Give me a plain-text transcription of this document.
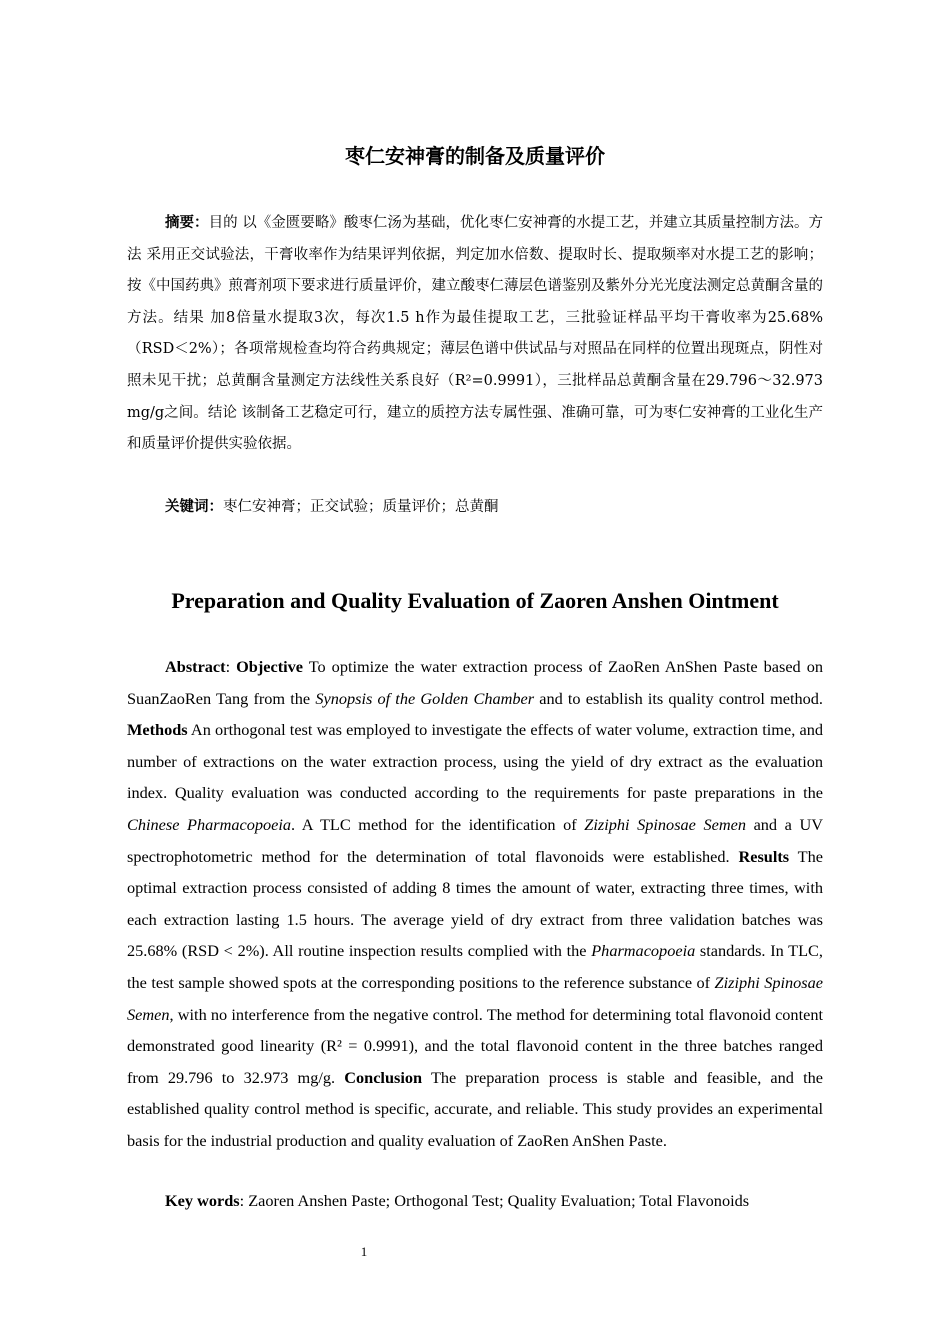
枣仁安神膏的制备及质量评价

摘要：目的 以《金匮要略》酸枣仁汤为基础，优化枣仁安神膏的水提工艺，并建立其质量控制方法。方法 采用正交试验法，干膏收率作为结果评判依据，判定加水倍数、提取时长、提取频率对水提工艺的影响；按《中国药典》煎膏剂项下要求进行质量评价，建立酸枣仁薄层色谱鉴别及紫外分光光度法测定总黄酮含量的方法。结果 加8倍量水提取3次，每次1.5 h作为最佳提取工艺，三批验证样品平均干膏收率为25.68%（RSD＜2%）；各项常规检查均符合药典规定；薄层色谱中供试品与对照品在同样的位置出现斑点，阴性对照未见干扰；总黄酮含量测定方法线性关系良好（R²=0.9991），三批样品总黄酮含量在29.796～32.973 mg/g之间。结论 该制备工艺稳定可行，建立的质控方法专属性强、准确可靠，可为枣仁安神膏的工业化生产和质量评价提供实验依据。

关键词：枣仁安神膏；正交试验；质量评价；总黄酮

Preparation and Quality Evaluation of Zaoren Anshen Ointment

Abstract: Objective To optimize the water extraction process of ZaoRen AnShen Paste based on SuanZaoRen Tang from the Synopsis of the Golden Chamber and to establish its quality control method. Methods An orthogonal test was employed to investigate the effects of water volume, extraction time, and number of extractions on the water extraction process, using the yield of dry extract as the evaluation index. Quality evaluation was conducted according to the requirements for paste preparations in the Chinese Pharmacopoeia. A TLC method for the identification of Ziziphi Spinosae Semen and a UV spectrophotometric method for the determination of total flavonoids were established. Results The optimal extraction process consisted of adding 8 times the amount of water, extracting three times, with each extraction lasting 1.5 hours. The average yield of dry extract from three validation batches was 25.68% (RSD < 2%). All routine inspection results complied with the Pharmacopoeia standards. In TLC, the test sample showed spots at the corresponding positions to the reference substance of Ziziphi Spinosae Semen, with no interference from the negative control. The method for determining total flavonoid content demonstrated good linearity (R² = 0.9991), and the total flavonoid content in the three batches ranged from 29.796 to 32.973 mg/g. Conclusion The preparation process is stable and feasible, and the established quality control method is specific, accurate, and reliable. This study provides an experimental basis for the industrial production and quality evaluation of ZaoRen AnShen Paste.

Key words: Zaoren Anshen Paste; Orthogonal Test; Quality Evaluation; Total Flavonoids

1
